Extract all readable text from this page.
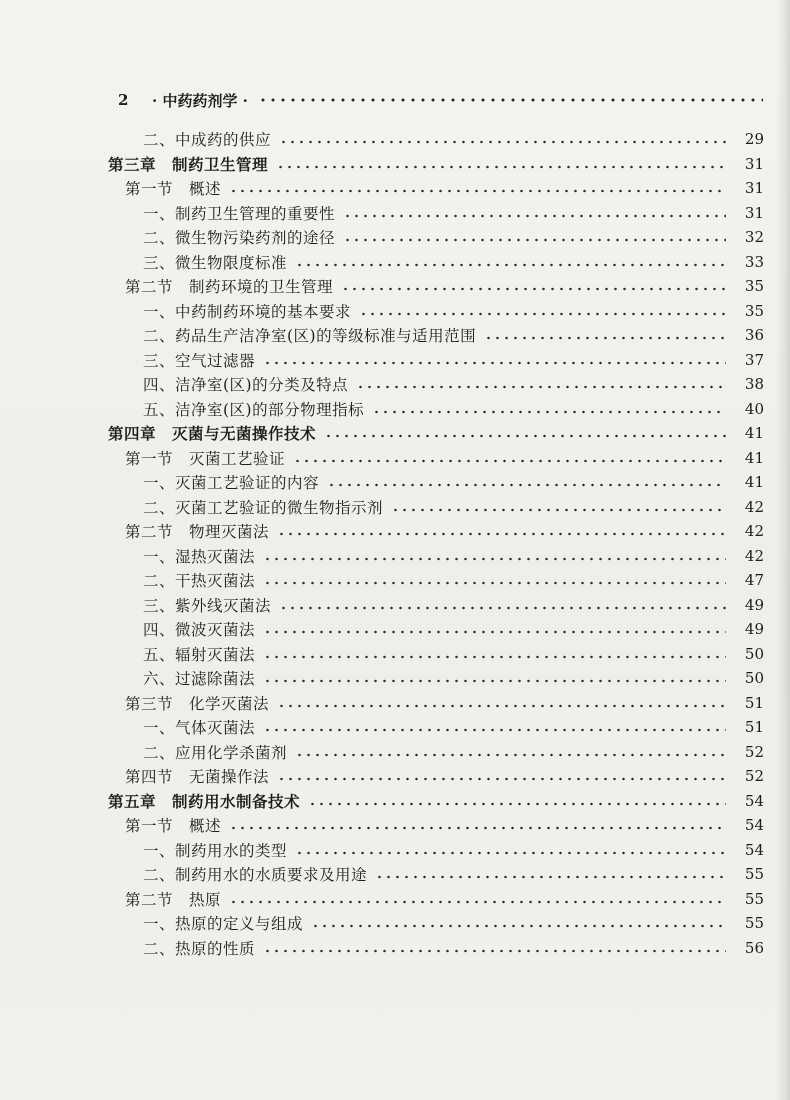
2	· 中药药剂学 ·
二、中成药的供应	29
第三章　制药卫生管理	31
第一节　概述	31
一、制药卫生管理的重要性	31
二、微生物污染药剂的途径	32
三、微生物限度标准	33
第二节　制药环境的卫生管理	35
一、中药制药环境的基本要求	35
二、药品生产洁净室(区)的等级标准与适用范围	36
三、空气过滤器	37
四、洁净室(区)的分类及特点	38
五、洁净室(区)的部分物理指标	40
第四章　灭菌与无菌操作技术	41
第一节　灭菌工艺验证	41
一、灭菌工艺验证的内容	41
二、灭菌工艺验证的微生物指示剂	42
第二节　物理灭菌法	42
一、湿热灭菌法	42
二、干热灭菌法	47
三、紫外线灭菌法	49
四、微波灭菌法	49
五、辐射灭菌法	50
六、过滤除菌法	50
第三节　化学灭菌法	51
一、气体灭菌法	51
二、应用化学杀菌剂	52
第四节　无菌操作法	52
第五章　制药用水制备技术	54
第一节　概述	54
一、制药用水的类型	54
二、制药用水的水质要求及用途	55
第二节　热原	55
一、热原的定义与组成	55
二、热原的性质	56
